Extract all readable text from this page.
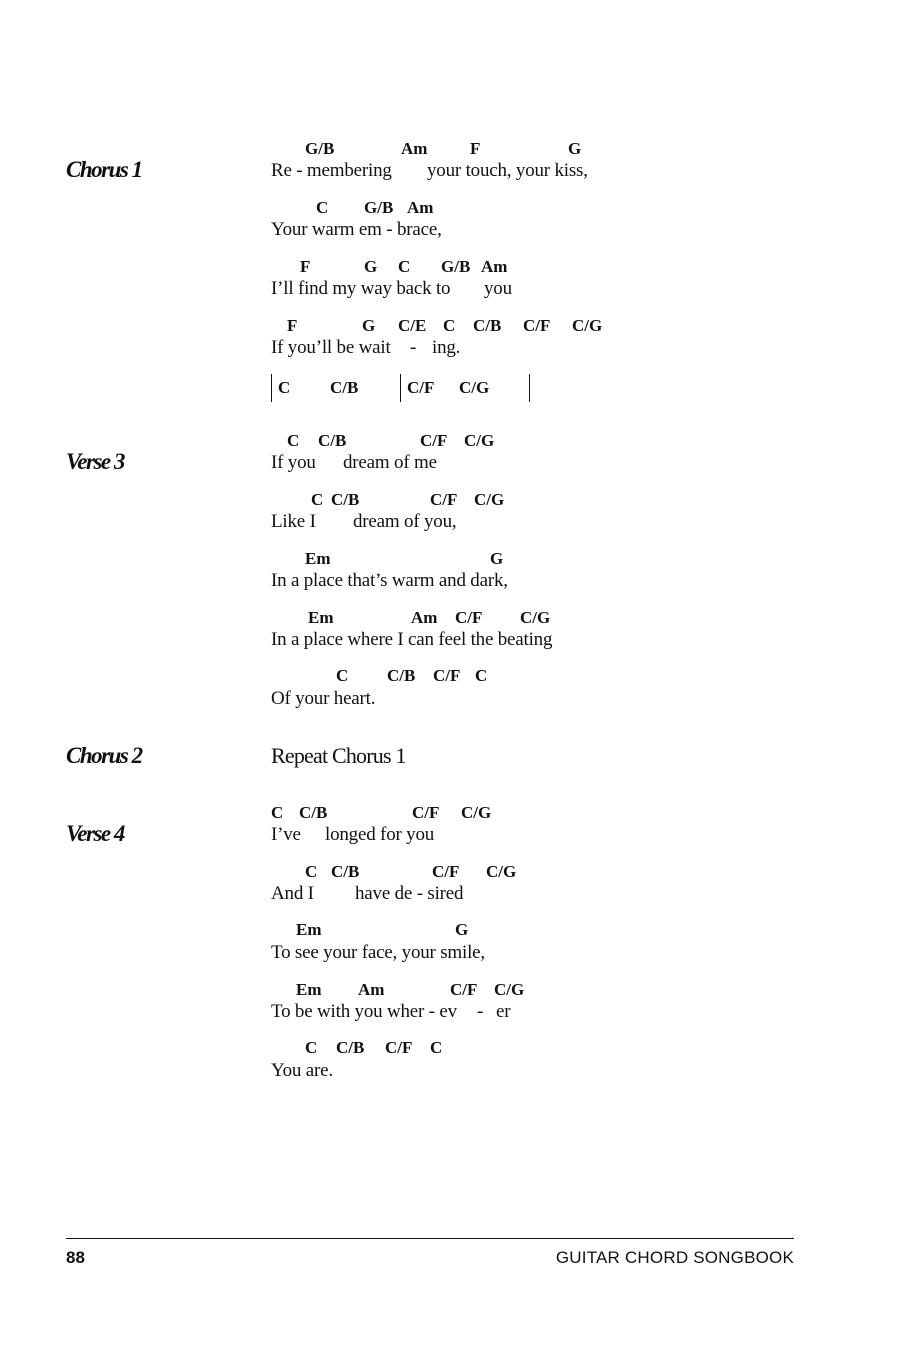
Chorus 1
G/B	Am	F	G
Re - membering your touch, your kiss,
C G/B Am
Your warm em - brace,
F	G C G/B Am
I’ll find my way back to you
F	G C/E C C/B C/F C/G
If you’ll be wait - ing.
C C/B	C/F C/G
Verse 3
C C/B	C/F C/G
If you dream of me
C C/B	C/F C/G
Like I dream of you,
Em	G
In a place that’s warm and dark,
Em	Am C/F C/G
In a place where I can feel the beating
C C/B C/F C
Of your heart.
Chorus 2	Repeat Chorus 1
Verse 4
C C/B	C/F C/G
I’ve longed for you
C C/B	C/F C/G
And I have de - sired
Em	G
To see your face, your smile,
Em Am	C/F C/G
To be with you wher - ev - er
C C/B C/F C
You are.
88	GUITAR CHORD SONGBOOK
